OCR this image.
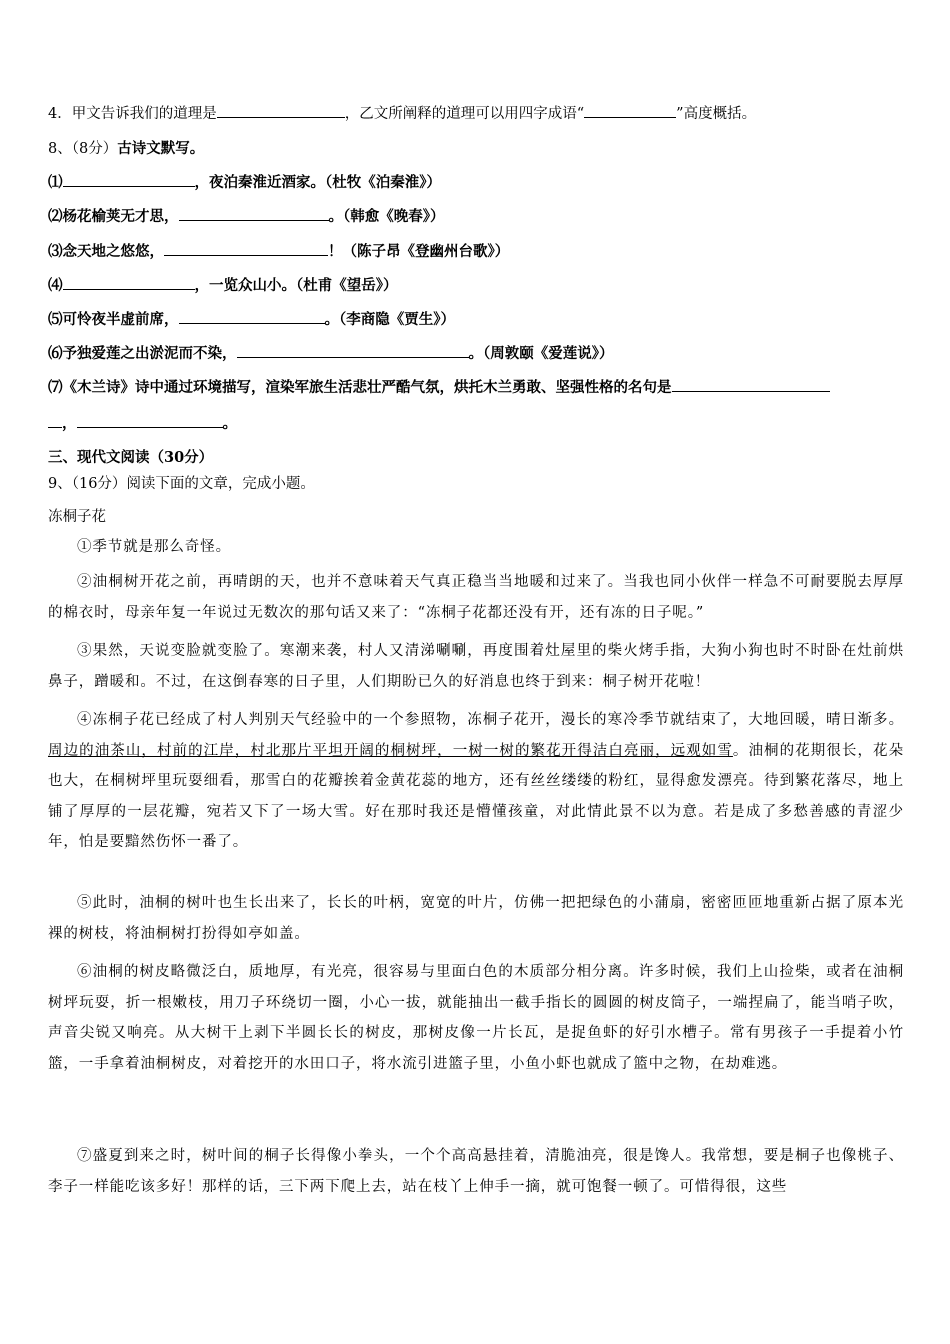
4．甲文告诉我们的道理是	，乙文所阐释的道理可以用四字成语“	”高度概括。
8、（8分）古诗文默写。
⑴	，夜泊秦淮近酒家。（杜牧《泊秦淮》）
⑵杨花榆荚无才思，	。（韩愈《晚春》）
⑶念天地之悠悠，	！（陈子昂《登幽州台歌》）
⑷	，一览众山小。（杜甫《望岳》）
⑸可怜夜半虚前席，	。（李商隐《贾生》）
⑹予独爱莲之出淤泥而不染，	。（周敦颐《爱莲说》）
⑺《木兰诗》诗中通过环境描写，渲染军旅生活悲壮严酷气氛，烘托木兰勇敢、坚强性格的名句是
，	。
三、现代文阅读（30分）
9、（16分）阅读下面的文章，完成小题。
冻桐子花
①季节就是那么奇怪。
②油桐树开花之前，再晴朗的天，也并不意味着天气真正稳当当地暖和过来了。当我也同小伙伴一样急不可耐要脱去厚厚的棉衣时，母亲年复一年说过无数次的那句话又来了：“冻桐子花都还没有开，还有冻的日子呢。”
③果然，天说变脸就变脸了。寒潮来袭，村人又清涕唰唰，再度围着灶屋里的柴火烤手指，大狗小狗也时不时卧在灶前烘鼻子，蹭暖和。不过，在这倒春寒的日子里，人们期盼已久的好消息也终于到来：桐子树开花啦！
④冻桐子花已经成了村人判别天气经验中的一个参照物，冻桐子花开，漫长的寒冷季节就结束了，大地回暖，晴日渐多。周边的油茶山，村前的江岸，村北那片平坦开阔的桐树坪，一树一树的繁花开得洁白亮丽，远观如雪。油桐的花期很长，花朵也大，在桐树坪里玩耍细看，那雪白的花瓣挨着金黄花蕊的地方，还有丝丝缕缕的粉红，显得愈发漂亮。待到繁花落尽，地上铺了厚厚的一层花瓣，宛若又下了一场大雪。好在那时我还是懵懂孩童，对此情此景不以为意。若是成了多愁善感的青涩少年，怕是要黯然伤怀一番了。
⑤此时，油桐的树叶也生长出来了，长长的叶柄，宽宽的叶片，仿佛一把把绿色的小蒲扇，密密匝匝地重新占据了原本光裸的树枝，将油桐树打扮得如亭如盖。
⑥油桐的树皮略微泛白，质地厚，有光亮，很容易与里面白色的木质部分相分离。许多时候，我们上山捡柴，或者在油桐树坪玩耍，折一根嫩枝，用刀子环绕切一圈，小心一拔，就能抽出一截手指长的圆圆的树皮筒子，一端捏扁了，能当哨子吹，声音尖锐又响亮。从大树干上剥下半圆长长的树皮，那树皮像一片长瓦，是捉鱼虾的好引水槽子。常有男孩子一手提着小竹篮，一手拿着油桐树皮，对着挖开的水田口子，将水流引进篮子里，小鱼小虾也就成了篮中之物，在劫难逃。
⑦盛夏到来之时，树叶间的桐子长得像小拳头，一个个高高悬挂着，清脆油亮，很是馋人。我常想，要是桐子也像桃子、李子一样能吃该多好！那样的话，三下两下爬上去，站在枝丫上伸手一摘，就可饱餐一顿了。可惜得很，这些
